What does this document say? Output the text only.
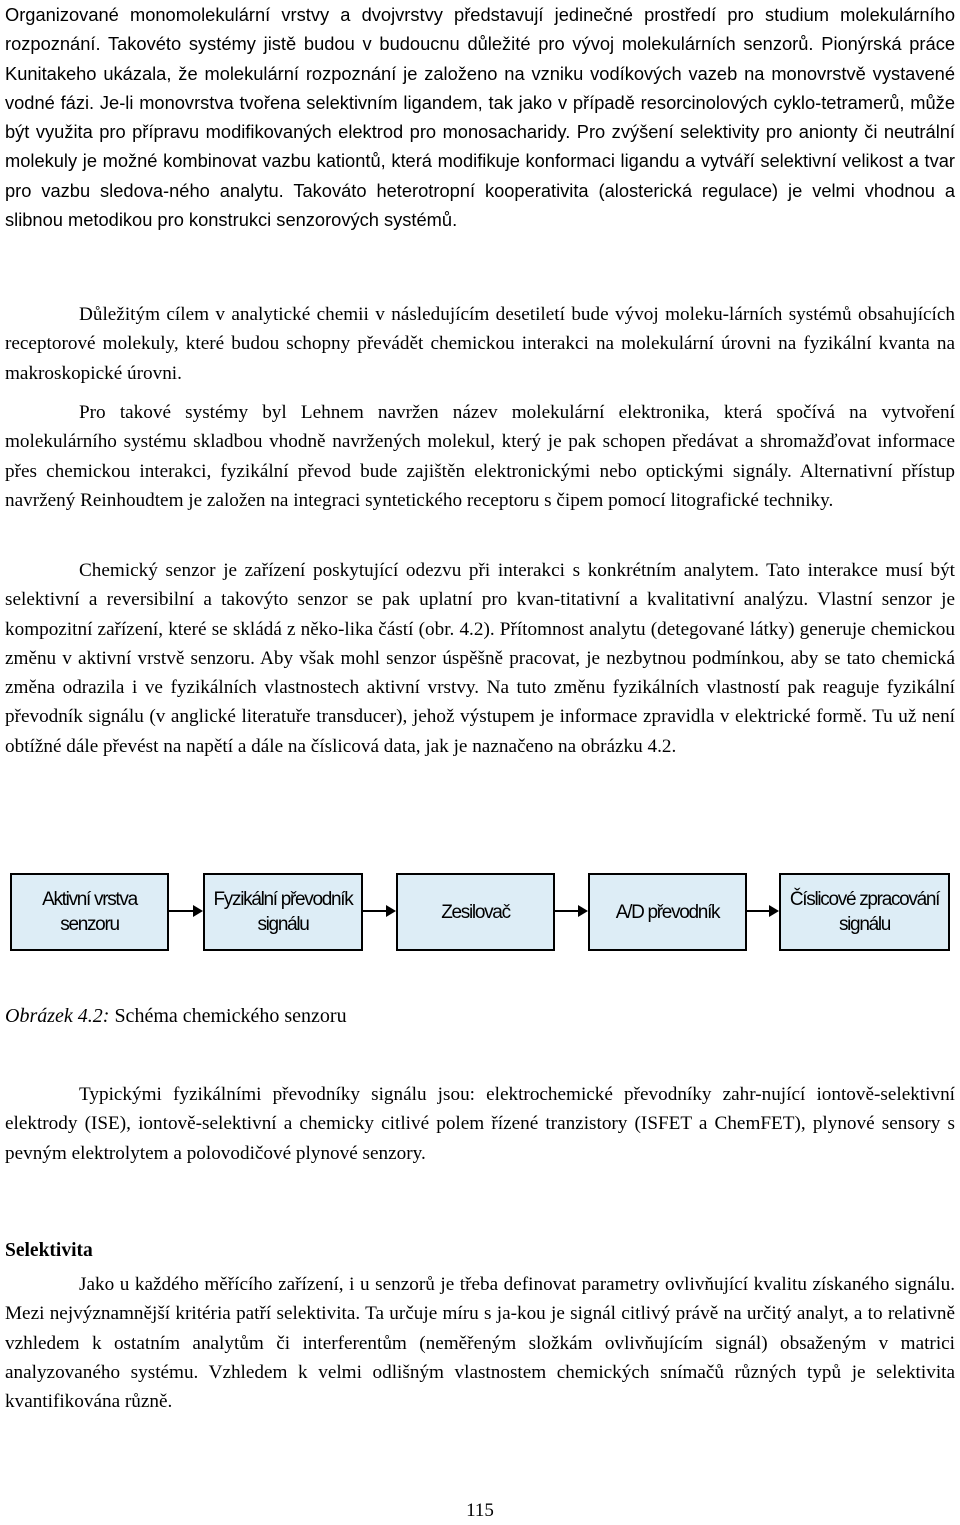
Organizované monomolekulární vrstvy a dvojvrstvy představují jedinečné prostředí pro studium molekulárního rozpoznání. Takovéto systémy jistě budou v budoucnu důležité pro vývoj molekulárních senzorů. Pionýrská práce Kunitakeho ukázala, že molekulární rozpoznání je založeno na vzniku vodíkových vazeb na monovrstvě vystavené vodné fázi. Je-li monovrstva tvořena selektivním ligandem, tak jako v případě resorcinolových cyklo-tetramerů, může být využita pro přípravu modifikovaných elektrod pro monosacharidy. Pro zvýšení selektivity pro anionty či neutrální molekuly je možné kombinovat vazbu kationtů, která modifikuje konformaci ligandu a vytváří selektivní velikost a tvar pro vazbu sledova-ného analytu. Takováto heterotropní kooperativita (alosterická regulace) je velmi vhodnou a slibnou metodikou pro konstrukci senzorových systémů.

Důležitým cílem v analytické chemii v následujícím desetiletí bude vývoj moleku-lárních systémů obsahujících receptorové molekuly, které budou schopny převádět chemickou interakci na molekulární úrovni na fyzikální kvanta na makroskopické úrovni.

Pro takové systémy byl Lehnem navržen název molekulární elektronika, která spočívá na vytvoření molekulárního systému skladbou vhodně navržených molekul, který je pak schopen předávat a shromažďovat informace přes chemickou interakci, fyzikální převod bude zajištěn elektronickými nebo optickými signály. Alternativní přístup navržený Reinhoudtem je založen na integraci syntetického receptoru s čipem pomocí litografické techniky.

Chemický senzor je zařízení poskytující odezvu při interakci s konkrétním analytem. Tato interakce musí být selektivní a reversibilní a takovýto senzor se pak uplatní pro kvan-titativní a kvalitativní analýzu. Vlastní senzor je kompozitní zařízení, které se skládá z něko-lika částí (obr. 4.2). Přítomnost analytu (detegované látky) generuje chemickou změnu v aktivní vrstvě senzoru. Aby však mohl senzor úspěšně pracovat, je nezbytnou podmínkou, aby se tato chemická změna odrazila i ve fyzikálních vlastnostech aktivní vrstvy. Na tuto změnu fyzikálních vlastností pak reaguje fyzikální převodník signálu (v anglické literatuře transducer), jehož výstupem je informace zpravidla v elektrické formě. Tu už není obtížné dále převést na napětí a dále na číslicová data, jak je naznačeno na obrázku 4.2.

Typickými fyzikálními převodníky signálu jsou: elektrochemické převodníky zahr-nující iontově-selektivní elektrody (ISE), iontově-selektivní a chemicky citlivé polem řízené tranzistory (ISFET a ChemFET), plynové sensory s pevným elektrolytem a polovodičové plynové senzory.

Jako u každého měřícího zařízení, i u senzorů je třeba definovat parametry ovlivňující kvalitu získaného signálu. Mezi nejvýznamnější kritéria patří selektivita. Ta určuje míru s ja-kou je signál citlivý právě na určitý analyt, a to relativně vzhledem k ostatním analytům či interferentům (neměřeným složkám ovlivňujícím signál) obsaženým v matrici analyzovaného systému. Vzhledem k velmi odlišným vlastnostem chemických snímačů různých typů je selektivita kvantifikována různě.

Aktivní vrstva senzoru
Fyzikální převodník signálu
Zesilovač	A/D převodník
Číslicové zpracování signálu
Obrázek 4.2: Schéma chemického senzoru
Selektivita
115
